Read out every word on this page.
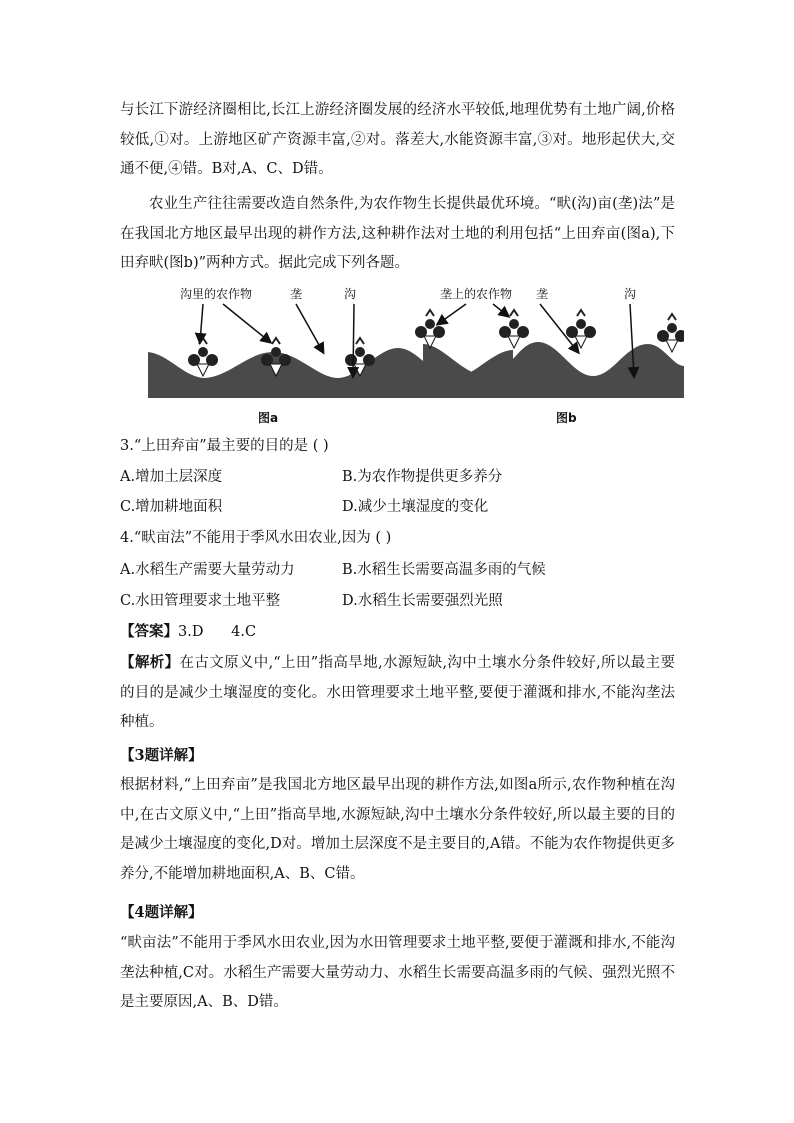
与长江下游经济圈相比,长江上游经济圈发展的经济水平较低,地理优势有土地广阔,价格较低,①对。上游地区矿产资源丰富,②对。落差大,水能资源丰富,③对。地形起伏大,交通不便,④错。B对,A、C、D错。
农业生产往往需要改造自然条件,为农作物生长提供最优环境。“畎(沟)亩(垄)法”是在我国北方地区最早出现的耕作方法,这种耕作法对土地的利用包括“上田弃亩(图a),下田弃畎(图b)”两种方式。据此完成下列各题。
沟里的农作物	垄	沟
图a
垄上的农作物 垄	沟
图b
3.“上田弃亩”最主要的目的是 ( )
A.增加土层深度	B.为农作物提供更多养分
C.增加耕地面积	D.减少土壤湿度的变化
4.“畎亩法”不能用于季风水田农业,因为 ( )
A.水稻生产需要大量劳动力	B.水稻生长需要高温多雨的气候
C.水田管理要求土地平整	D.水稻生长需要强烈光照
【答案】3.D      4.C
【解析】在古文原义中,“上田”指高旱地,水源短缺,沟中土壤水分条件较好,所以最主要的目的是减少土壤湿度的变化。水田管理要求土地平整,要便于灌溉和排水,不能沟垄法种植。
【3题详解】
根据材料,“上田弃亩”是我国北方地区最早出现的耕作方法,如图a所示,农作物种植在沟中,在古文原义中,“上田”指高旱地,水源短缺,沟中土壤水分条件较好,所以最主要的目的是减少土壤湿度的变化,D对。增加土层深度不是主要目的,A错。不能为农作物提供更多养分,不能增加耕地面积,A、B、C错。
【4题详解】
“畎亩法”不能用于季风水田农业,因为水田管理要求土地平整,要便于灌溉和排水,不能沟垄法种植,C对。水稻生产需要大量劳动力、水稻生长需要高温多雨的气候、强烈光照不是主要原因,A、B、D错。
